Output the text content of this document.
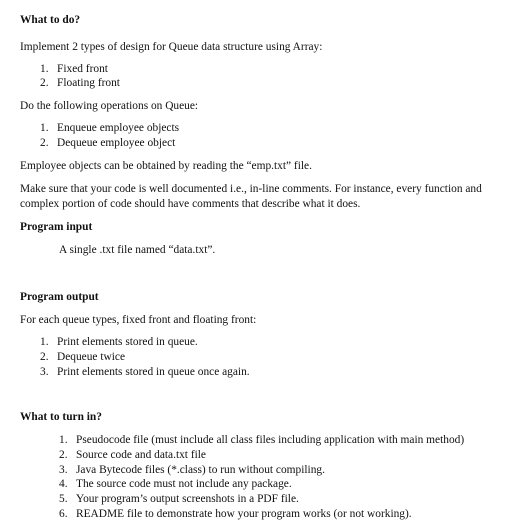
What to do?
Implement 2 types of design for Queue data structure using Array:
1. Fixed front
2. Floating front
Do the following operations on Queue:
1. Enqueue employee objects
2. Dequeue employee object
Employee objects can be obtained by reading the “emp.txt” file.
Make sure that your code is well documented i.e., in-line comments. For instance, every function and
complex portion of code should have comments that describe what it does.
Program input
A single .txt file named “data.txt”.
Program output
For each queue types, fixed front and floating front:
1. Print elements stored in queue.
2. Dequeue twice
3. Print elements stored in queue once again.
What to turn in?
1. Pseudocode file (must include all class files including application with main method)
2. Source code and data.txt file
3. Java Bytecode files (*.class) to run without compiling.
4. The source code must not include any package.
5. Your program’s output screenshots in a PDF file.
6. README file to demonstrate how your program works (or not working).
